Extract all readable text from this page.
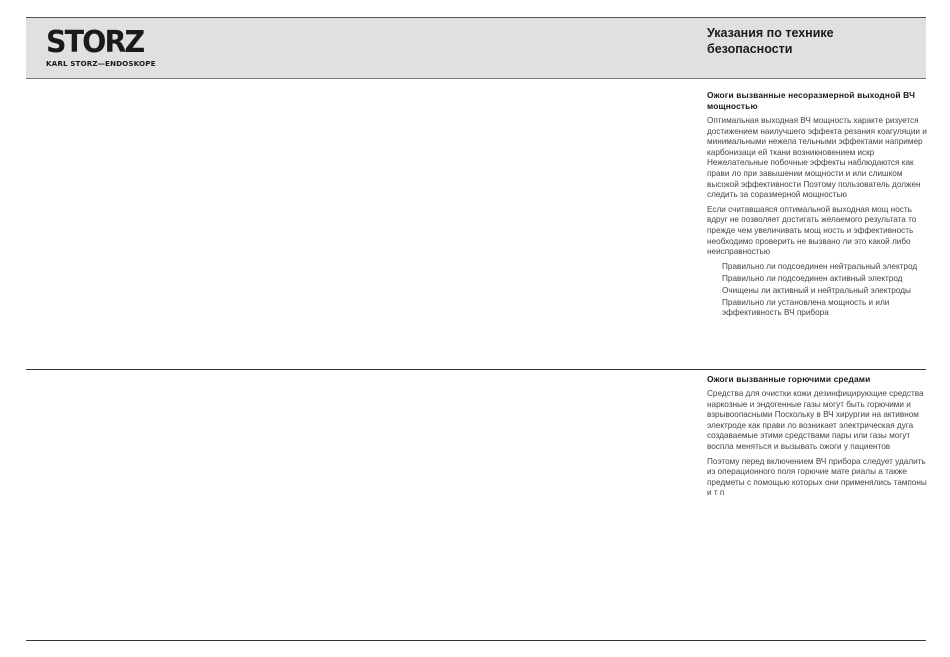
STORZ
KARL STORZ—ENDOSKOPE
Указания по технике безопасности
Ожоги вызванные несоразмерной выходной ВЧ мощностью
Оптимальная выходная ВЧ мощность характе ризуется достижением наилучшего эффекта резания коагуляции и минимальными нежела тельными эффектами например карбонизаци ей ткани возникновением искр Нежелательные побочные эффекты наблюдаются как прави ло при завышении мощности и или слишком высокой эффективности Поэтому пользователь должен следить за соразмерной мощностью
Если считавшаяся оптимальной выходная мощ ность вдруг не позволяет достигать желаемого результата то прежде чем увеличивать мощ ность и эффективность необходимо проверить не вызвано ли это какой либо неисправностью
Правильно ли подсоединен нейтральный электрод
Правильно ли подсоединен активный электрод
Очищены ли активный и нейтральный электроды
Правильно ли установлена мощность и или эффективность ВЧ прибора
Ожоги вызванные горючими средами
Средства для очистки кожи дезинфицирующие средства наркозные и эндогенные газы могут быть горючими и взрывоопасными Поскольку в ВЧ хирургии на активном электроде как прави ло возникает электрическая дуга создаваемые этими средствами пары или газы могут воспла меняться и вызывать ожоги у пациентов
Поэтому перед включением ВЧ прибора следует удалить из операционного поля горючие мате риалы а также предметы с помощью которых они применялись тампоны и т п
